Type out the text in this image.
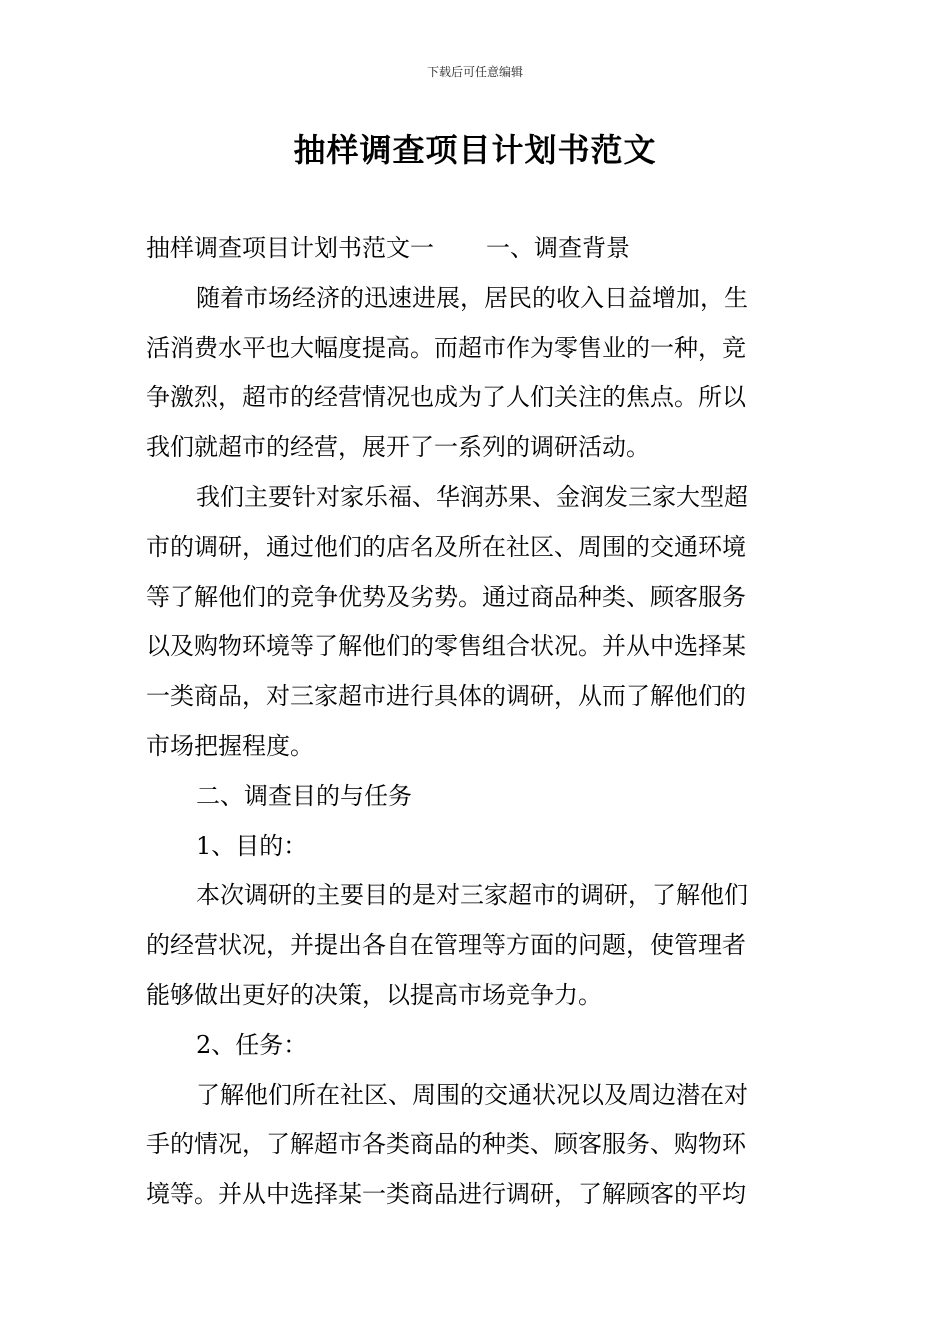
下载后可任意编辑
抽样调查项目计划书范文
抽样调查项目计划书范文一 一、调查背景
随着市场经济的迅速进展，居民的收入日益增加，生
活消费水平也大幅度提高。而超市作为零售业的一种，竞
争激烈，超市的经营情况也成为了人们关注的焦点。所以
我们就超市的经营，展开了一系列的调研活动。
我们主要针对家乐福、华润苏果、金润发三家大型超
市的调研，通过他们的店名及所在社区、周围的交通环境
等了解他们的竞争优势及劣势。通过商品种类、顾客服务
以及购物环境等了解他们的零售组合状况。并从中选择某
一类商品，对三家超市进行具体的调研，从而了解他们的
市场把握程度。
二、调查目的与任务
1、目的：
本次调研的主要目的是对三家超市的调研，了解他们
的经营状况，并提出各自在管理等方面的问题，使管理者
能够做出更好的决策，以提高市场竞争力。
2、任务：
了解他们所在社区、周围的交通状况以及周边潜在对
手的情况，了解超市各类商品的种类、顾客服务、购物环
境等。并从中选择某一类商品进行调研，了解顾客的平均
